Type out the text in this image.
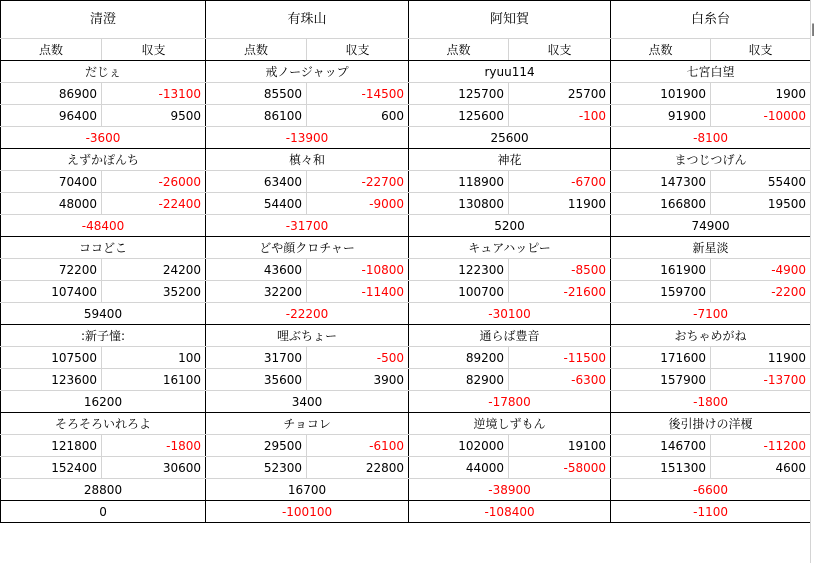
清澄		有珠山		阿知賀		白糸台	
点数	収支	点数	収支	点数	収支	点数	収支
だじぇ		戒ノージャップ		ryuu114		七宮白望	
86900	-13100	85500	-14500	125700	25700	101900	1900
96400	9500	86100	600	125600	-100	91900	-10000
-3600		-13900		25600		-8100	
えずかぽんち		槙々和		神花		まつじつげん	
70400	-26000	63400	-22700	118900	-6700	147300	55400
48000	-22400	54400	-9000	130800	11900	166800	19500
-48400		-31700		5200		74900	
ココどこ		どや顔クロチャー		キュアハッピー		新星淡	
72200	24200	43600	-10800	122300	-8500	161900	-4900
107400	35200	32200	-11400	100700	-21600	159700	-2200
59400		-22200		-30100		-7100	
:新子憧:		哩ぶちょー		通らば豊音		おちゃめがね	
107500	100	31700	-500	89200	-11500	171600	11900
123600	16100	35600	3900	82900	-6300	157900	-13700
16200		3400		-17800		-1800	
そろそろいれろよ		チョコレ		逆境しずもん		後引掛けの洋榎	
121800	-1800	29500	-6100	102000	19100	146700	-11200
152400	30600	52300	22800	44000	-58000	151300	4600
28800		16700		-38900		-6600	
0		-100100		-108400		-1100	
|
